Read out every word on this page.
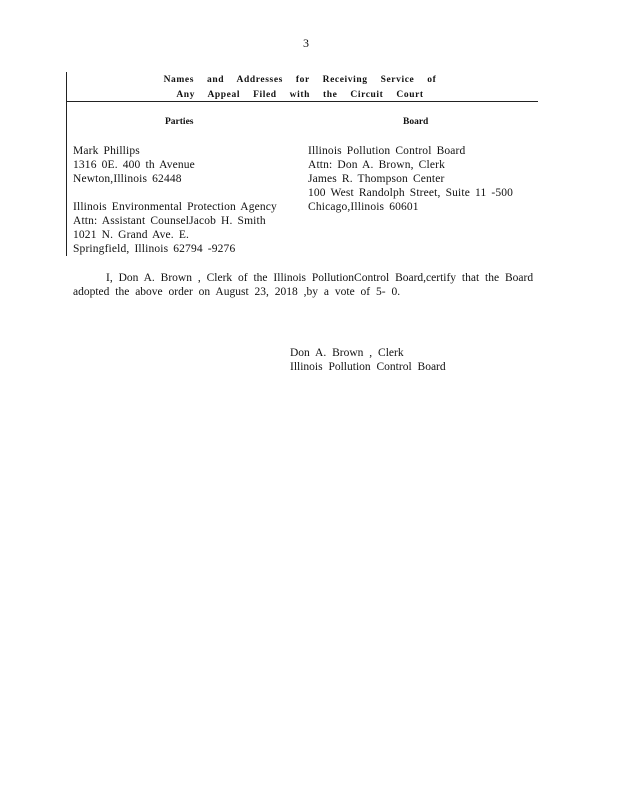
3
Names and Addresses for Receiving Service of
Any Appeal Filed with the Circuit Court
Parties	Board
Mark Phillips
1316 0E. 400 th Avenue
Newton,Illinois 62448
Illinois Environmental Protection Agency
Attn: Assistant CounselJacob H. Smith
1021 N. Grand Ave. E.
Springfield, Illinois 62794 -9276
Illinois Pollution Control Board
Attn: Don A. Brown, Clerk
James R. Thompson Center
100 West Randolph Street, Suite 11 -500
Chicago,Illinois 60601
I, Don A. Brown , Clerk of the Illinois PollutionControl Board,certify that the Board
adopted the above order on August 23, 2018 ,by a vote of 5- 0.
Don A. Brown , Clerk
Illinois Pollution Control Board
